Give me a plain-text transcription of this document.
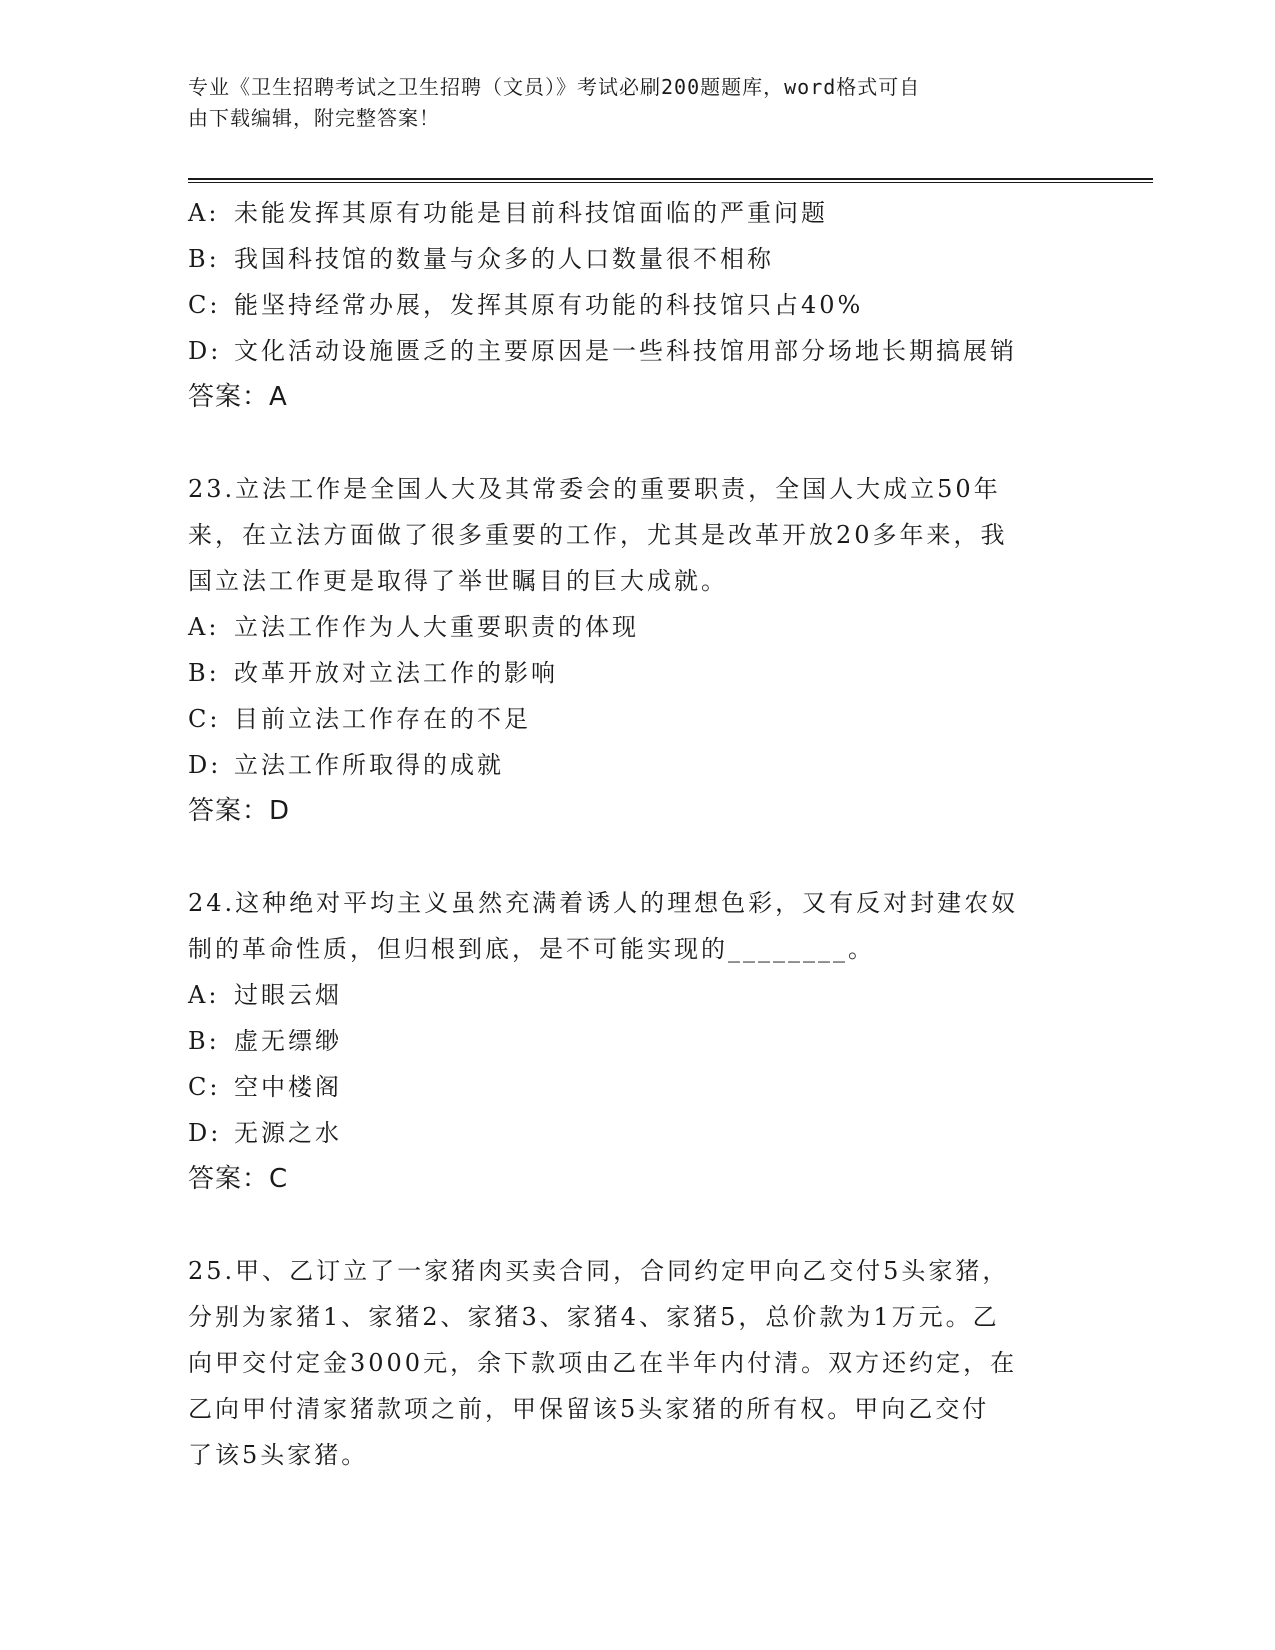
专业《卫生招聘考试之卫生招聘（文员）》考试必刷200题题库，word格式可自
由下载编辑，附完整答案！
A: 未能发挥其原有功能是目前科技馆面临的严重问题
B: 我国科技馆的数量与众多的人口数量很不相称
C: 能坚持经常办展，发挥其原有功能的科技馆只占40%
D: 文化活动设施匮乏的主要原因是一些科技馆用部分场地长期搞展销
答案：A
23.立法工作是全国人大及其常委会的重要职责，全国人大成立50年
来，在立法方面做了很多重要的工作，尤其是改革开放20多年来，我
国立法工作更是取得了举世瞩目的巨大成就。
A: 立法工作作为人大重要职责的体现
B: 改革开放对立法工作的影响
C: 目前立法工作存在的不足
D: 立法工作所取得的成就
答案：D
24.这种绝对平均主义虽然充满着诱人的理想色彩，又有反对封建农奴
制的革命性质，但归根到底，是不可能实现的________。
A: 过眼云烟
B: 虚无缥缈
C: 空中楼阁
D: 无源之水
答案：C
25.甲、乙订立了一家猪肉买卖合同，合同约定甲向乙交付5头家猪，
分别为家猪1、家猪2、家猪3、家猪4、家猪5，总价款为1万元。乙
向甲交付定金3000元，余下款项由乙在半年内付清。双方还约定，在
乙向甲付清家猪款项之前，甲保留该5头家猪的所有权。甲向乙交付
了该5头家猪。
